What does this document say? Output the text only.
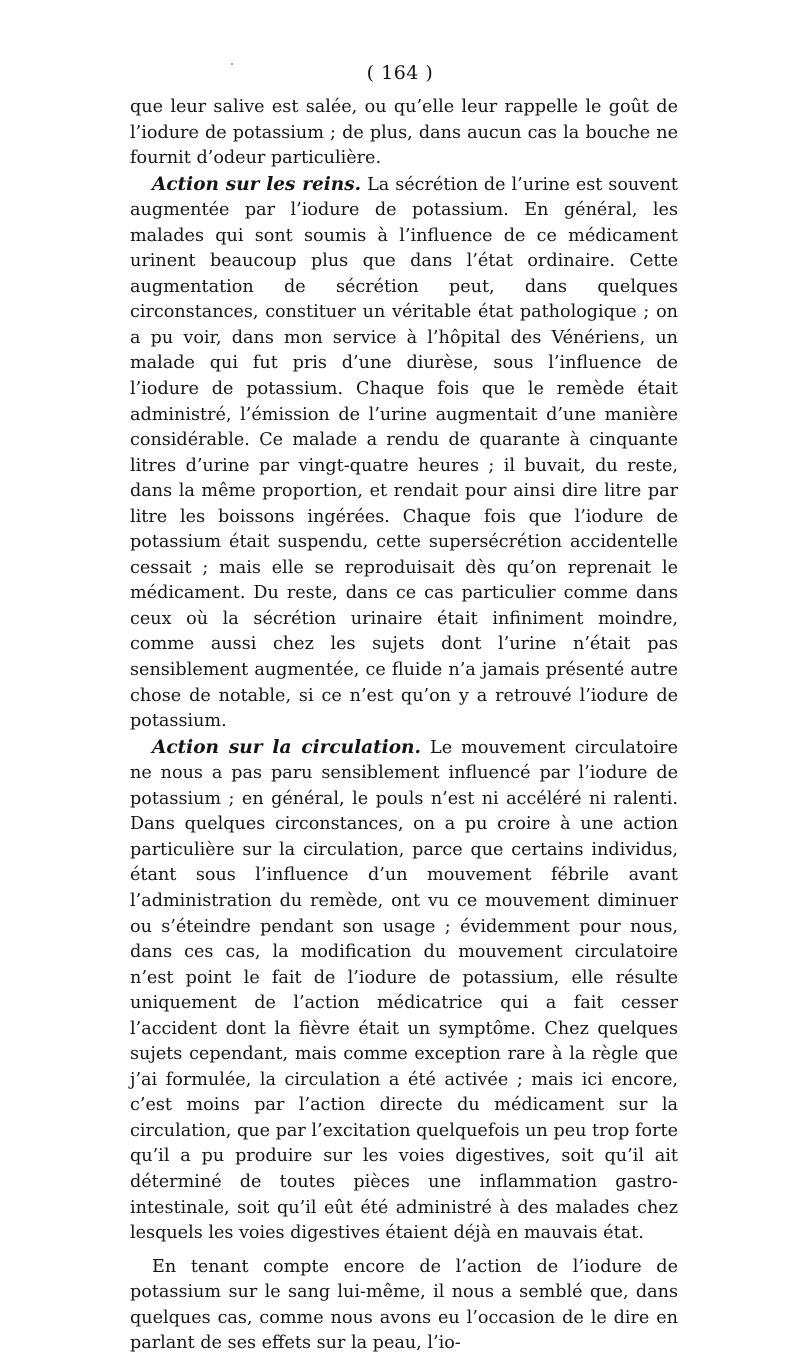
( 164 )

que leur salive est salée, ou qu’elle leur rappelle le goût de l’iodure de potassium ; de plus, dans aucun cas la bouche ne fournit d’odeur particulière.

Action sur les reins. La sécrétion de l’urine est souvent augmentée par l’iodure de potassium. En général, les malades qui sont soumis à l’influence de ce médicament urinent beaucoup plus que dans l’état ordinaire. Cette augmentation de sécrétion peut, dans quelques circonstances, constituer un véritable état pathologique ; on a pu voir, dans mon service à l’hôpital des Vénériens, un malade qui fut pris d’une diurèse, sous l’influence de l’iodure de potassium. Chaque fois que le remède était administré, l’émission de l’urine augmentait d’une manière considérable. Ce malade a rendu de quarante à cinquante litres d’urine par vingt-quatre heures ; il buvait, du reste, dans la même proportion, et rendait pour ainsi dire litre par litre les boissons ingérées. Chaque fois que l’iodure de potassium était suspendu, cette supersécrétion accidentelle cessait ; mais elle se reproduisait dès qu’on reprenait le médicament. Du reste, dans ce cas particulier comme dans ceux où la sécrétion urinaire était infiniment moindre, comme aussi chez les sujets dont l’urine n’était pas sensiblement augmentée, ce fluide n’a jamais présenté autre chose de notable, si ce n’est qu’on y a retrouvé l’iodure de potassium.

Action sur la circulation. Le mouvement circulatoire ne nous a pas paru sensiblement influencé par l’iodure de potassium ; en général, le pouls n’est ni accéléré ni ralenti. Dans quelques circonstances, on a pu croire à une action particulière sur la circulation, parce que certains individus, étant sous l’influence d’un mouvement fébrile avant l’administration du remède, ont vu ce mouvement diminuer ou s’éteindre pendant son usage ; évidemment pour nous, dans ces cas, la modification du mouvement circulatoire n’est point le fait de l’iodure de potassium, elle résulte uniquement de l’action médicatrice qui a fait cesser l’accident dont la fièvre était un symptôme. Chez quelques sujets cependant, mais comme exception rare à la règle que j’ai formulée, la circulation a été activée ; mais ici encore, c’est moins par l’action directe du médicament sur la circulation, que par l’excitation quelquefois un peu trop forte qu’il a pu produire sur les voies digestives, soit qu’il ait déterminé de toutes pièces une inflammation gastro-intestinale, soit qu’il eût été administré à des malades chez lesquels les voies digestives étaient déjà en mauvais état.

En tenant compte encore de l’action de l’iodure de potassium sur le sang lui-même, il nous a semblé que, dans quelques cas, comme nous avons eu l’occasion de le dire en parlant de ses effets sur la peau, l’io-
